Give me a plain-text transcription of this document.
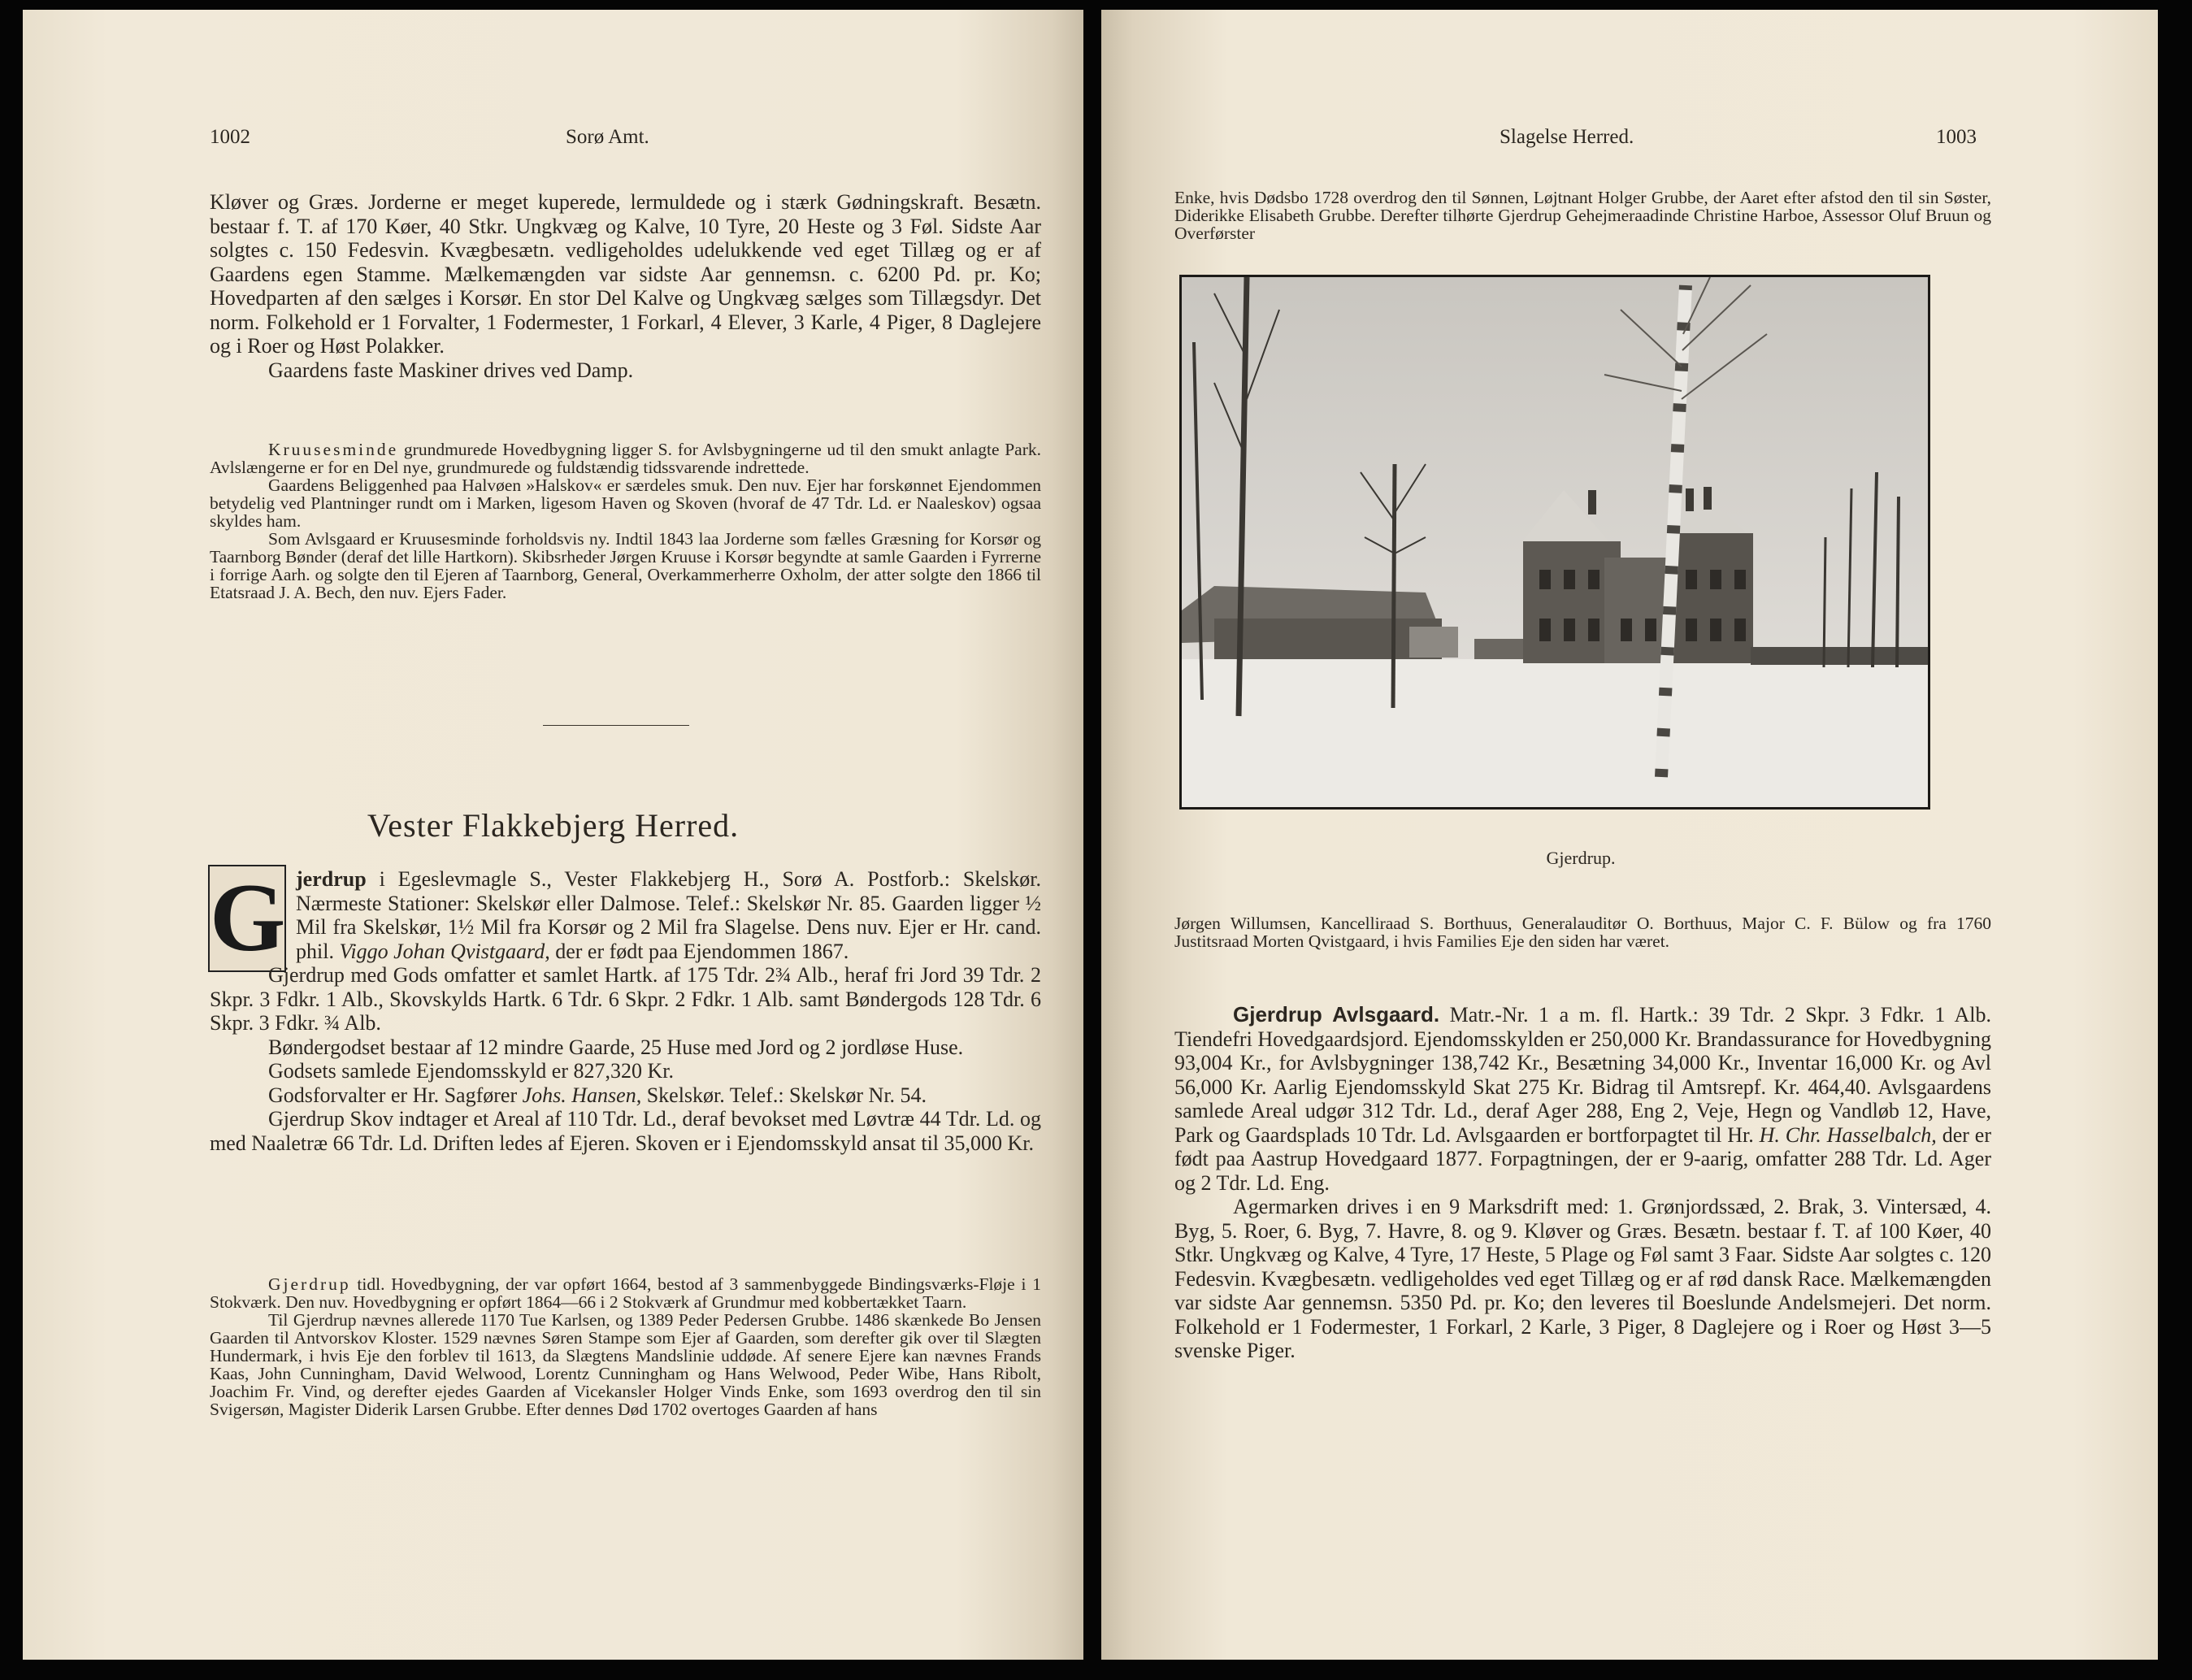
1002	Sorø Amt.

Kløver og Græs. Jorderne er meget kuperede, lermuldede og i stærk Gødningskraft. Besætn. bestaar f. T. af 170 Køer, 40 Stkr. Ungkvæg og Kalve, 10 Tyre, 20 Heste og 3 Føl. Sidste Aar solgtes c. 150 Fedesvin. Kvægbesætn. vedligeholdes udelukkende ved eget Tillæg og er af Gaardens egen Stamme. Mælkemængden var sidste Aar gennemsn. c. 6200 Pd. pr. Ko; Hovedparten af den sælges i Korsør. En stor Del Kalve og Ungkvæg sælges som Tillægsdyr. Det norm. Folkehold er 1 Forvalter, 1 Fodermester, 1 Forkarl, 4 Elever, 3 Karle, 4 Piger, 8 Daglejere og i Roer og Høst Polakker.

Gaardens faste Maskiner drives ved Damp.

Kruusesminde grundmurede Hovedbygning ligger S. for Avlsbygningerne ud til den smukt anlagte Park. Avlslængerne er for en Del nye, grundmurede og fuldstændig tidssvarende indrettede.

Gaardens Beliggenhed paa Halvøen »Halskov« er særdeles smuk. Den nuv. Ejer har forskønnet Ejendommen betydelig ved Plantninger rundt om i Marken, ligesom Haven og Skoven (hvoraf de 47 Tdr. Ld. er Naaleskov) ogsaa skyldes ham.

Som Avlsgaard er Kruusesminde forholdsvis ny. Indtil 1843 laa Jorderne som fælles Græsning for Korsør og Taarnborg Bønder (deraf det lille Hartkorn). Skibsrheder Jørgen Kruuse i Korsør begyndte at samle Gaarden i Fyrrerne i forrige Aarh. og solgte den til Ejeren af Taarnborg, General, Overkammerherre Oxholm, der atter solgte den 1866 til Etatsraad J. A. Bech, den nuv. Ejers Fader.

Vester Flakkebjerg Herred.
G jerdrup i Egeslevmagle S., Vester Flakkebjerg H., Sorø A. Postforb.: Skelskør. Nærmeste Stationer: Skelskør eller Dalmose. Telef.: Skelskør Nr. 85. Gaarden ligger ½ Mil fra Skelskør, 1½ Mil fra Korsør og 2 Mil fra Slagelse. Dens nuv. Ejer er Hr. cand. phil. Viggo Johan Qvistgaard, der er født paa Ejendommen 1867.

Gjerdrup med Gods omfatter et samlet Hartk. af 175 Tdr. 2¾ Alb., heraf fri Jord 39 Tdr. 2 Skpr. 3 Fdkr. 1 Alb., Skovskylds Hartk. 6 Tdr. 6 Skpr. 2 Fdkr. 1 Alb. samt Bøndergods 128 Tdr. 6 Skpr. 3 Fdkr. ¾ Alb.

Bøndergodset bestaar af 12 mindre Gaarde, 25 Huse med Jord og 2 jordløse Huse.

Godsets samlede Ejendomsskyld er 827,320 Kr.

Godsforvalter er Hr. Sagfører Johs. Hansen, Skelskør. Telef.: Skelskør Nr. 54.

Gjerdrup Skov indtager et Areal af 110 Tdr. Ld., deraf bevokset med Løvtræ 44 Tdr. Ld. og med Naaletræ 66 Tdr. Ld. Driften ledes af Ejeren. Skoven er i Ejendomsskyld ansat til 35,000 Kr.

Gjerdrup tidl. Hovedbygning, der var opført 1664, bestod af 3 sammenbyggede Bindingsværks-Fløje i 1 Stokværk. Den nuv. Hovedbygning er opført 1864—66 i 2 Stokværk af Grundmur med kobbertækket Taarn.

Til Gjerdrup nævnes allerede 1170 Tue Karlsen, og 1389 Peder Pedersen Grubbe. 1486 skænkede Bo Jensen Gaarden til Antvorskov Kloster. 1529 nævnes Søren Stampe som Ejer af Gaarden, som derefter gik over til Slægten Hundermark, i hvis Eje den forblev til 1613, da Slægtens Mandslinie uddøde. Af senere Ejere kan nævnes Frands Kaas, John Cunningham, David Welwood, Lorentz Cunningham og Hans Welwood, Peder Wibe, Hans Ribolt, Joachim Fr. Vind, og derefter ejedes Gaarden af Vicekansler Holger Vinds Enke, som 1693 overdrog den til sin Svigersøn, Magister Diderik Larsen Grubbe. Efter dennes Død 1702 overtoges Gaarden af hans

Slagelse Herred.	1003

Enke, hvis Dødsbo 1728 overdrog den til Sønnen, Løjtnant Holger Grubbe, der Aaret efter afstod den til sin Søster, Diderikke Elisabeth Grubbe. Derefter tilhørte Gjerdrup Gehejmeraadinde Christine Harboe, Assessor Oluf Bruun og Overførster

Gjerdrup.

Jørgen Willumsen, Kancelliraad S. Borthuus, Generalauditør O. Borthuus, Major C. F. Bülow og fra 1760 Justitsraad Morten Qvistgaard, i hvis Families Eje den siden har været.

Gjerdrup Avlsgaard. Matr.-Nr. 1 a m. fl. Hartk.: 39 Tdr. 2 Skpr. 3 Fdkr. 1 Alb. Tiendefri Hovedgaardsjord. Ejendomsskylden er 250,000 Kr. Brandassurance for Hovedbygning 93,004 Kr., for Avlsbygninger 138,742 Kr., Besætning 34,000 Kr., Inventar 16,000 Kr. og Avl 56,000 Kr. Aarlig Ejendomsskyld Skat 275 Kr. Bidrag til Amtsrepf. Kr. 464,40. Avlsgaardens samlede Areal udgør 312 Tdr. Ld., deraf Ager 288, Eng 2, Veje, Hegn og Vandløb 12, Have, Park og Gaardsplads 10 Tdr. Ld. Avlsgaarden er bortforpagtet til Hr. H. Chr. Hasselbalch, der er født paa Aastrup Hovedgaard 1877. Forpagtningen, der er 9-aarig, omfatter 288 Tdr. Ld. Ager og 2 Tdr. Ld. Eng.

Agermarken drives i en 9 Marksdrift med: 1. Grønjordssæd, 2. Brak, 3. Vintersæd, 4. Byg, 5. Roer, 6. Byg, 7. Havre, 8. og 9. Kløver og Græs. Besætn. bestaar f. T. af 100 Køer, 40 Stkr. Ungkvæg og Kalve, 4 Tyre, 17 Heste, 5 Plage og Føl samt 3 Faar. Sidste Aar solgtes c. 120 Fedesvin. Kvægbesætn. vedligeholdes ved eget Tillæg og er af rød dansk Race. Mælkemængden var sidste Aar gennemsn. 5350 Pd. pr. Ko; den leveres til Boeslunde Andelsmejeri. Det norm. Folkehold er 1 Fodermester, 1 Forkarl, 2 Karle, 3 Piger, 8 Daglejere og i Roer og Høst 3—5 svenske Piger.
